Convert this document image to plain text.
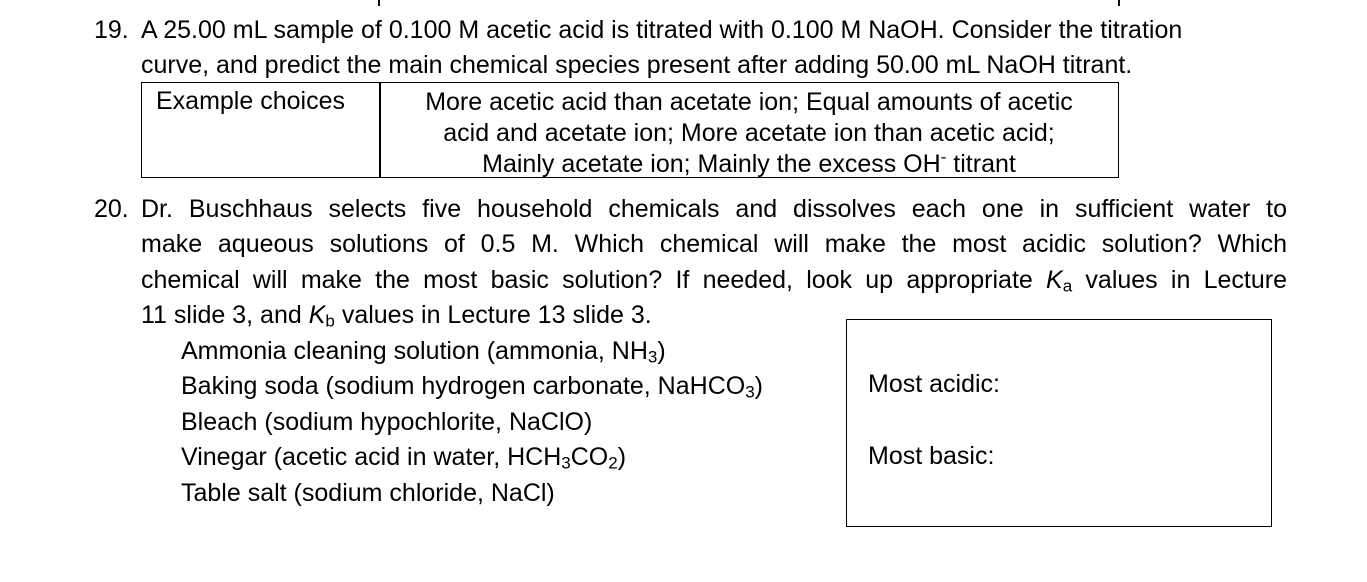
19. A 25.00 mL sample of 0.100 M acetic acid is titrated with 0.100 M NaOH. Consider the titration
curve, and predict the main chemical species present after adding 50.00 mL NaOH titrant.
Example choices	More acetic acid than acetate ion; Equal amounts of acetic
acid and acetate ion; More acetate ion than acetic acid;
Mainly acetate ion; Mainly the excess OH- titrant
20. Dr. Buschhaus selects five household chemicals and dissolves each one in sufficient water to
make aqueous solutions of 0.5 M. Which chemical will make the most acidic solution? Which
chemical will make the most basic solution? If needed, look up appropriate $K_a$ values in Lecture
11 slide 3, and $K_b$ values in Lecture 13 slide 3.
Ammonia cleaning solution (ammonia, $NH_3$)
Baking soda (sodium hydrogen carbonate, NaHCO$_3$)
Bleach (sodium hypochlorite, NaClO)
Vinegar (acetic acid in water, $HCH_3CO_2$)
Table salt (sodium chloride, NaCl)
Most acidic:
Most basic:
